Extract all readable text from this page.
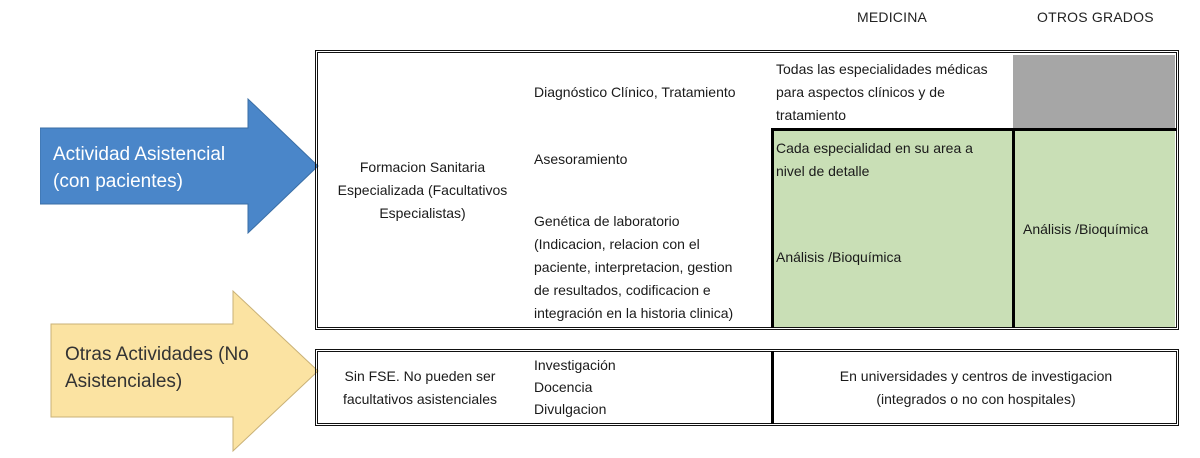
MEDICINA	OTROS GRADOS
Actividad Asistencial
(con pacientes)
Otras Actividades (No
Asistenciales)
Formacion Sanitaria
Especializada (Facultativos
Especialistas)
Diagnóstico Clínico, Tratamiento
Asesoramiento
Genética de laboratorio
(Indicacion, relacion con el
paciente, interpretacion, gestion
de resultados, codificacion e
integración en la historia clinica)
Todas las especialidades médicas
para aspectos clínicos y de
tratamiento
Cada especialidad en su area a
nivel de detalle
Análisis /Bioquímica
Análisis /Bioquímica
Sin FSE. No pueden ser
facultativos asistenciales
Investigación
Docencia
Divulgacion
En universidades y centros de investigacion
(integrados o no con hospitales)
